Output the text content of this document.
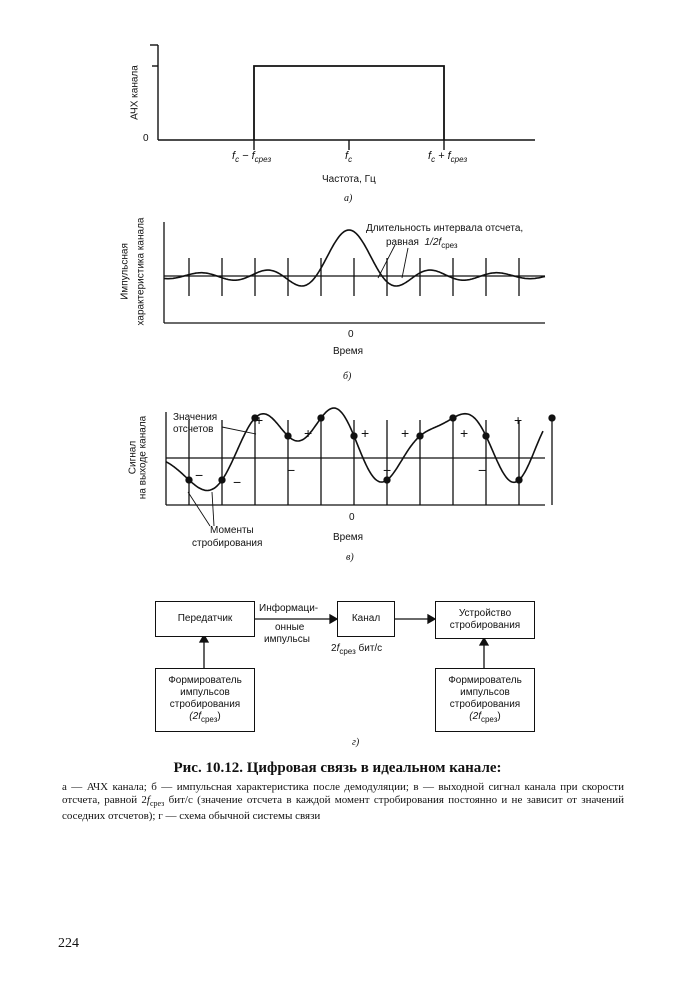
АЧХ канала
0
$f_c - f_{срез}$	$f_c$	$f_c + f_{срез}$
Частота, Гц
а)
Импульсная характеристика канала	Длительность интервала отсчета,
равная $1/2f_{срез}$
0
Время
б)
Сигнал на выходе канала Значения
отсчетов
Моменты
стробирования
0
Время
в)
+
+	+ +	+
+
− −
−	−	−
Передатчик	Канал	Устройство
стробирования
Информаци-
онные
импульсы
$2f_{срез}$ бит/с
Формирователь
импульсов
стробирования
$(2f_{срез})$
Формирователь
импульсов
стробирования
$(2f_{срез})$
г)
Рис. 10.12. Цифровая связь в идеальном канале:
а — АЧХ канала; б — импульсная характеристика после демодуляции; в — выходной сигнал канала при скорости отсчета, равной $2f_{срез}$ бит/с (значение отсчета в каждой момент стробирования постоянно и не зависит от значений соседних отсчетов); г — схема обычной системы связи
224
